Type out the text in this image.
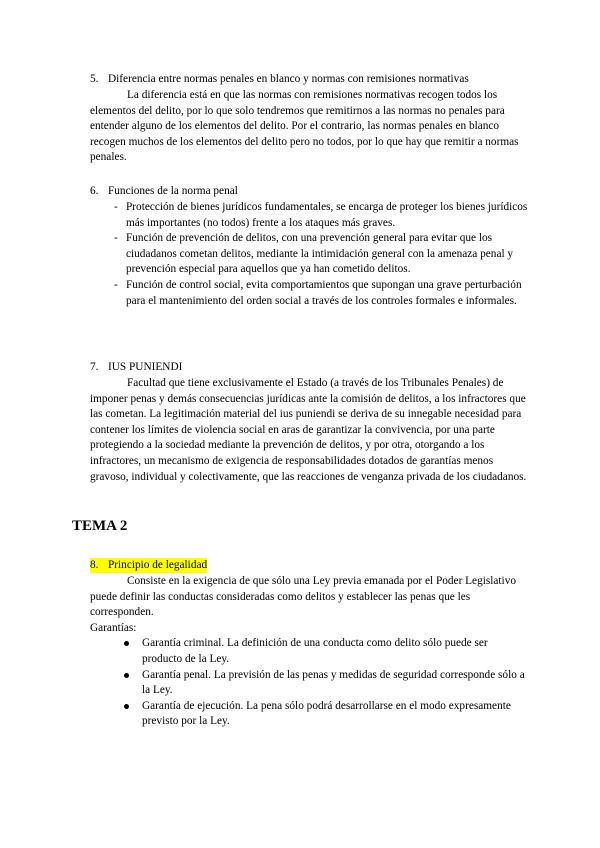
5. Diferencia entre normas penales en blanco y normas con remisiones normativas
La diferencia está en que las normas con remisiones normativas recogen todos los elementos del delito, por lo que solo tendremos que remitirnos a las normas no penales para entender alguno de los elementos del delito. Por el contrario, las normas penales en blanco recogen muchos de los elementos del delito pero no todos, por lo que hay que remitir a normas penales.
6. Funciones de la norma penal
- Protección de bienes jurídicos fundamentales, se encarga de proteger los bienes jurídicos más importantes (no todos) frente a los ataques más graves.
- Función de prevención de delitos, con una prevención general para evitar que los ciudadanos cometan delitos, mediante la intimidación general con la amenaza penal y prevención especial para aquellos que ya han cometido delitos.
- Función de control social, evita comportamientos que supongan una grave perturbación para el mantenimiento del orden social a través de los controles formales e informales.
7. IUS PUNIENDI
Facultad que tiene exclusivamente el Estado (a través de los Tribunales Penales) de imponer penas y demás consecuencias jurídicas ante la comisión de delitos, a los infractores que las cometan. La legitimación material del ius puniendi se deriva de su innegable necesidad para contener los límites de violencia social en aras de garantizar la convivencia, por una parte protegiendo a la sociedad mediante la prevención de delitos, y por otra, otorgando a los infractores, un mecanismo de exigencia de responsabilidades dotados de garantías menos gravoso, individual y colectivamente, que las reacciones de venganza privada de los ciudadanos.
TEMA 2
8. Principio de legalidad
Consiste en la exigencia de que sólo una Ley previa emanada por el Poder Legislativo puede definir las conductas consideradas como delitos y establecer las penas que les corresponden.
Garantías:
Garantía criminal. La definición de una conducta como delito sólo puede ser producto de la Ley.
Garantía penal. La previsión de las penas y medidas de seguridad corresponde sólo a la Ley.
Garantía de ejecución. La pena sólo podrá desarrollarse en el modo expresamente previsto por la Ley.
